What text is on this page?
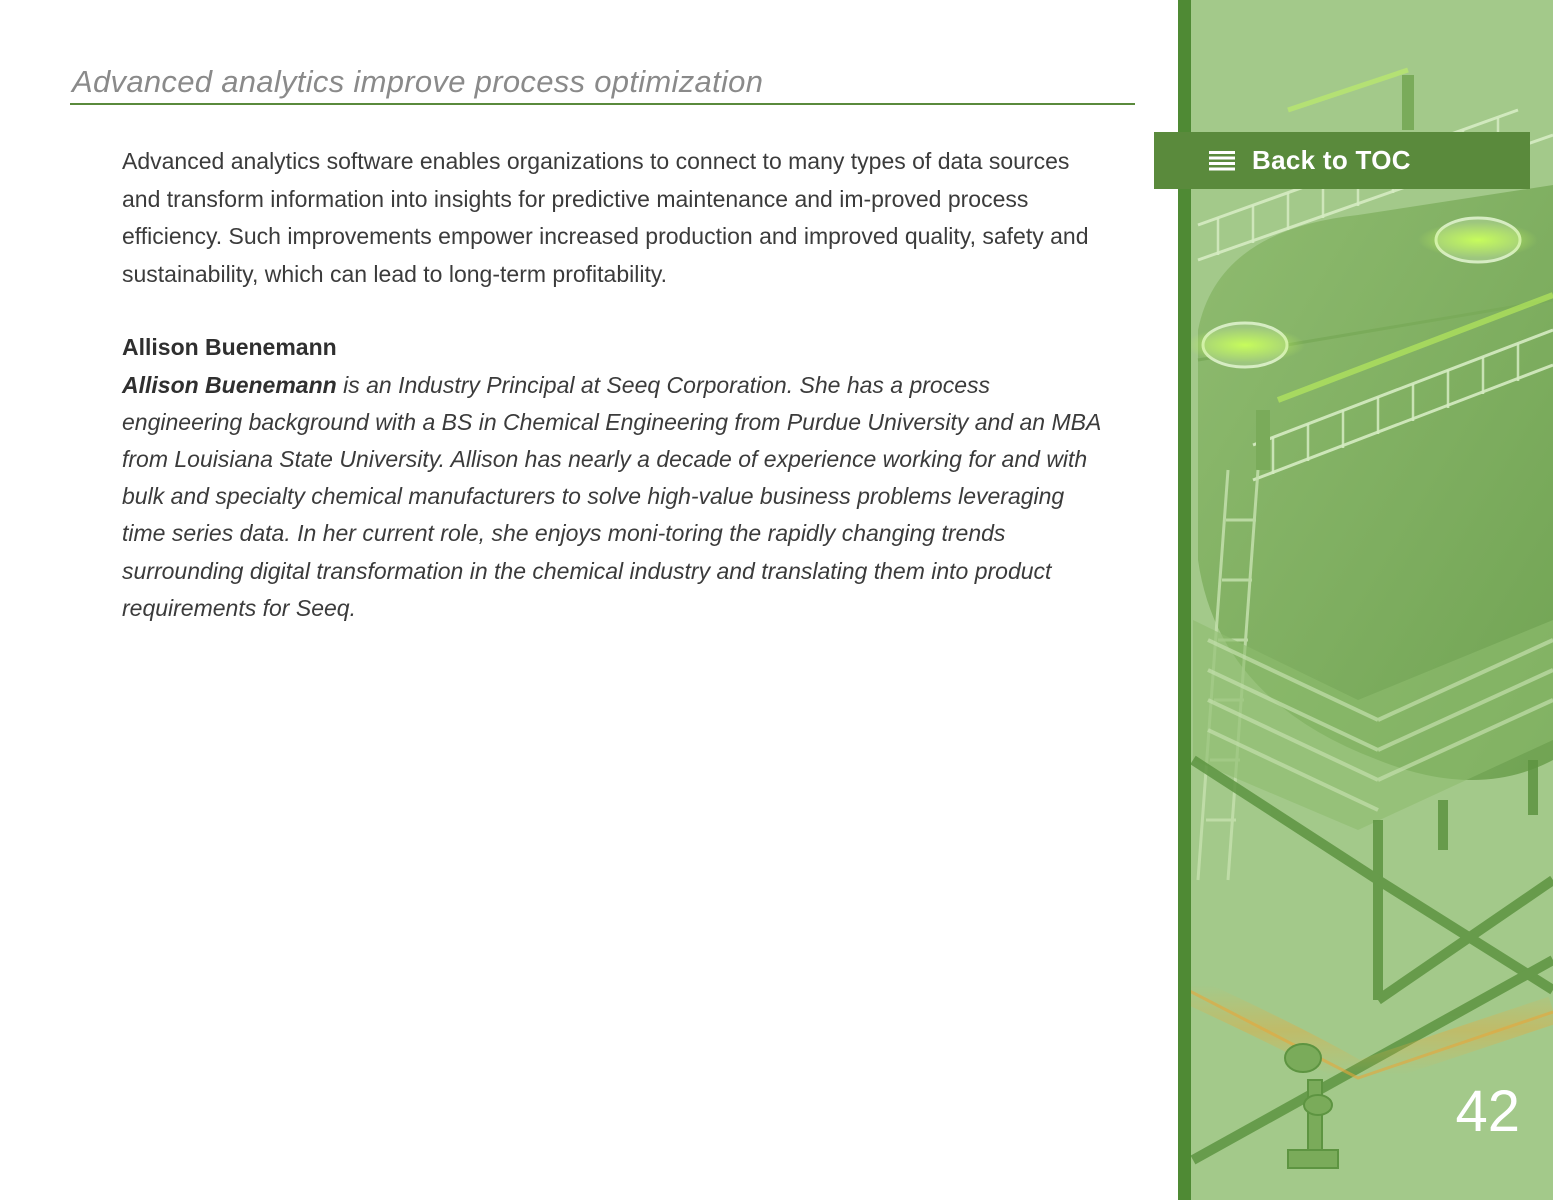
Advanced analytics improve process optimization

Advanced analytics software enables organizations to connect to many types of data sources and transform information into insights for predictive maintenance and im-proved process efficiency. Such improvements empower increased production and improved quality, safety and sustainability, which can lead to long-term profitability.

Allison Buenemann

Allison Buenemann is an Industry Principal at Seeq Corporation. She has a process engineering background with a BS in Chemical Engineering from Purdue University and an MBA from Louisiana State University. Allison has nearly a decade of experience working for and with bulk and specialty chemical manufacturers to solve high-value business problems leveraging time series data. In her current role, she enjoys moni-toring the rapidly changing trends surrounding digital transformation in the chemical industry and translating them into product requirements for Seeq.

Back to TOC
42
